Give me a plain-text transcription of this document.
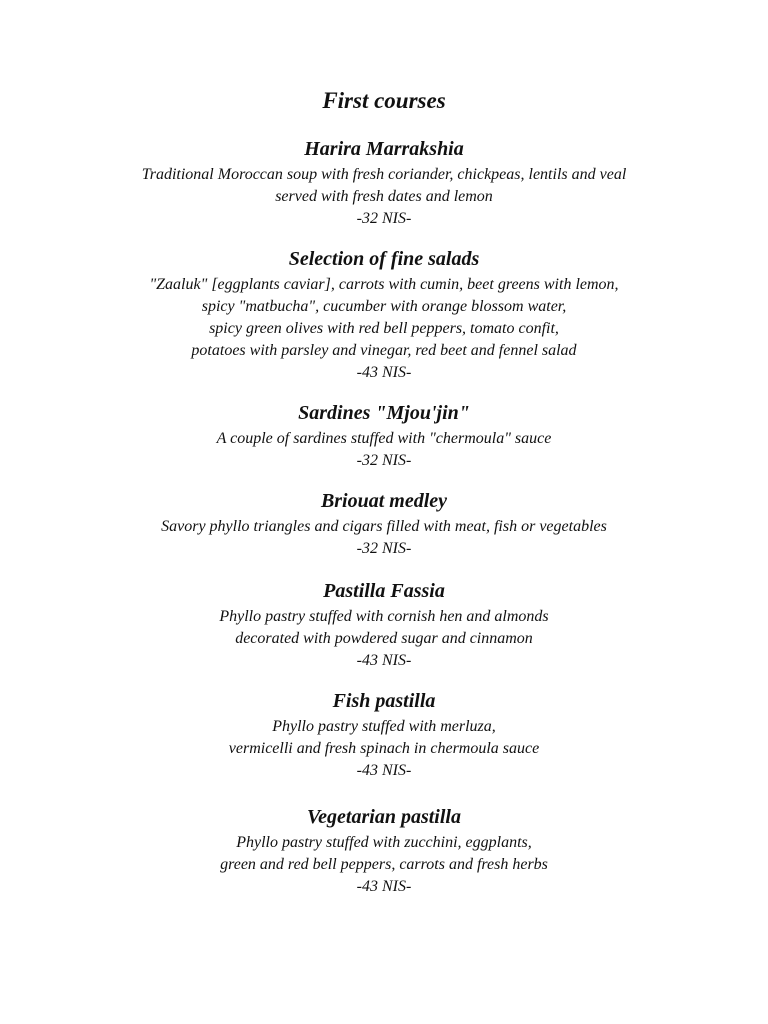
First courses
Harira Marrakshia
Traditional Moroccan soup with fresh coriander, chickpeas, lentils and veal
served with fresh dates and lemon
-32 NIS-
Selection of fine salads
"Zaaluk" [eggplants caviar], carrots with cumin, beet greens with lemon,
spicy "matbucha", cucumber with orange blossom water,
spicy green olives with red bell peppers, tomato confit,
potatoes with parsley and vinegar, red beet and fennel salad
-43 NIS-
Sardines "Mjou'jin"
A couple of sardines stuffed with "chermoula" sauce
-32 NIS-
Briouat medley
Savory phyllo triangles and cigars filled with meat, fish or vegetables
-32 NIS-
Pastilla Fassia
Phyllo pastry stuffed with cornish hen and almonds
decorated with powdered sugar and cinnamon
-43 NIS-
Fish pastilla
Phyllo pastry stuffed with merluza,
vermicelli and fresh spinach in chermoula sauce
-43 NIS-
Vegetarian pastilla
Phyllo pastry stuffed with zucchini, eggplants,
green and red bell peppers, carrots and fresh herbs
-43 NIS-
